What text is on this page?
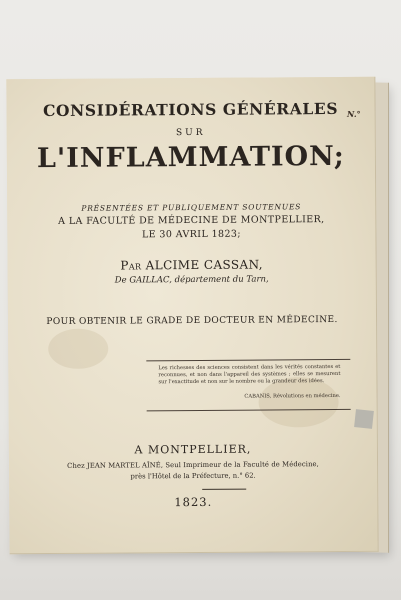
CONSIDÉRATIONS GÉNÉRALES	N.°
SUR
L'INFLAMMATION;
PRÉSENTÉES ET PUBLIQUEMENT SOUTENUES
A LA FACULTÉ DE MÉDECINE DE MONTPELLIER,
LE 30 AVRIL 1823;
Par ALCIME CASSAN,
De GAILLAC, département du Tarn,
POUR OBTENIR LE GRADE DE DOCTEUR EN MÉDECINE.
Les richesses des sciences consistent dans les vérités constantes et reconnues, et non dans l'appareil des systèmes ; elles se mesurent sur l'exactitude et non sur le nombre ou la grandeur des idées.
CABANIS, Révolutions en médecine.
A MONTPELLIER,
Chez JEAN MARTEL AÎNÉ, Seul Imprimeur de la Faculté de Médecine,
près l'Hôtel de la Préfecture, n.° 62.
1823.
